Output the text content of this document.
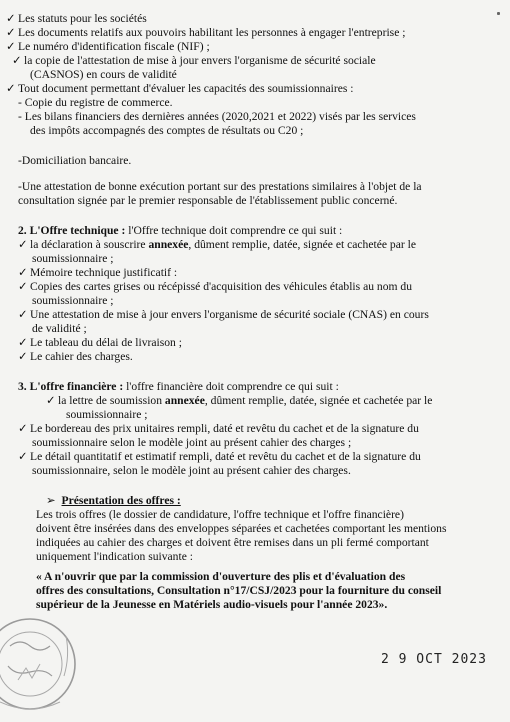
✓ Les statuts pour les sociétés
✓ Les documents relatifs aux pouvoirs habilitant les personnes à engager l'entreprise ;
✓ Le numéro d'identification fiscale (NIF) ;
✓ la copie de l'attestation de mise à jour envers l'organisme de sécurité sociale
(CASNOS) en cours de validité
✓ Tout document permettant d'évaluer les capacités des soumissionnaires :
- Copie du registre de commerce.
- Les bilans financiers des dernières années (2020,2021 et 2022) visés par les services
des impôts accompagnés des comptes de résultats ou C20 ;
-Domiciliation bancaire.
-Une attestation de bonne exécution portant sur des prestations similaires à l'objet de la
consultation signée par le premier responsable de l'établissement public concerné.
2. L'Offre technique : l'Offre technique doit comprendre ce qui suit :
✓ la déclaration à souscrire annexée, dûment remplie, datée, signée et cachetée par le
soumissionnaire ;
✓ Mémoire technique justificatif :
✓ Copies des cartes grises ou récépissé d'acquisition des véhicules établis au nom du
soumissionnaire ;
✓ Une attestation de mise à jour envers l'organisme de sécurité sociale (CNAS) en cours
de validité ;
✓ Le tableau du délai de livraison ;
✓ Le cahier des charges.
3. L'offre financière : l'offre financière doit comprendre ce qui suit :
✓ la lettre de soumission annexée, dûment remplie, datée, signée et cachetée par le
soumissionnaire ;
✓ Le bordereau des prix unitaires rempli, daté et revêtu du cachet et de la signature du
soumissionnaire selon le modèle joint au présent cahier des charges ;
✓ Le détail quantitatif et estimatif rempli, daté et revêtu du cachet et de la signature du
soumissionnaire, selon le modèle joint au présent cahier des charges.
➢ Présentation des offres :
Les trois offres (le dossier de candidature, l'offre technique et l'offre financière)
doivent être insérées dans des enveloppes séparées et cachetées comportant les mentions
indiquées au cahier des charges et doivent être remises dans un pli fermé comportant
uniquement l'indication suivante :
« A n'ouvrir que par la commission d'ouverture des plis et d'évaluation des
offres des consultations, Consultation n°17/CSJ/2023 pour la fourniture du conseil
supérieur de la Jeunesse en Matériels audio-visuels pour l'année 2023».
2 9 OCT 2023
